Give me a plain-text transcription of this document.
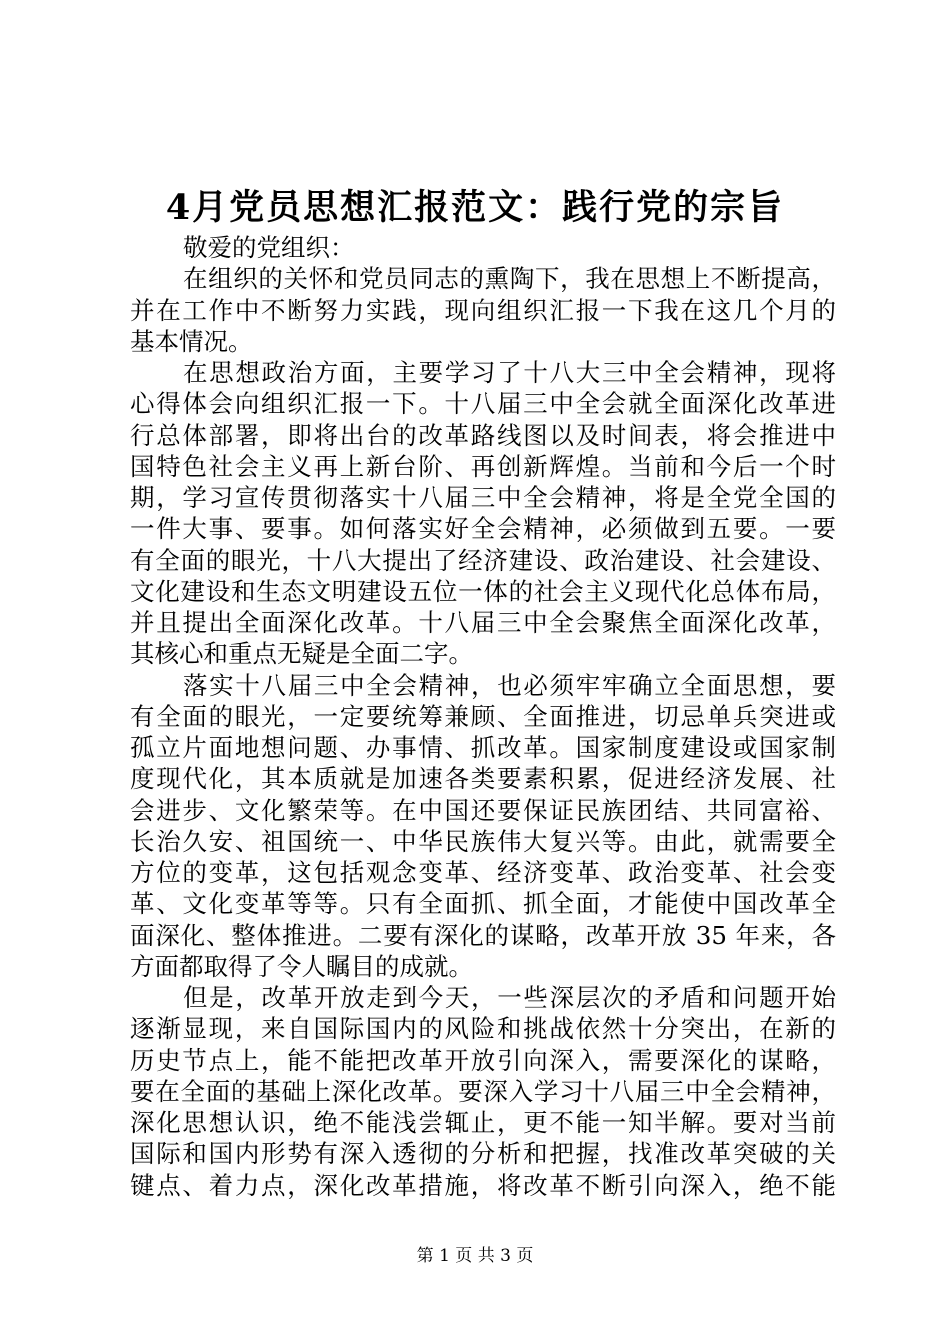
4月党员思想汇报范文：践行党的宗旨
敬爱的党组织：
在组织的关怀和党员同志的熏陶下，我在思想上不断提高，
并在工作中不断努力实践，现向组织汇报一下我在这几个月的
基本情况。
在思想政治方面，主要学习了十八大三中全会精神，现将
心得体会向组织汇报一下。十八届三中全会就全面深化改革进
行总体部署，即将出台的改革路线图以及时间表，将会推进中
国特色社会主义再上新台阶、再创新辉煌。当前和今后一个时
期，学习宣传贯彻落实十八届三中全会精神，将是全党全国的
一件大事、要事。如何落实好全会精神，必须做到五要。一要
有全面的眼光，十八大提出了经济建设、政治建设、社会建设、
文化建设和生态文明建设五位一体的社会主义现代化总体布局，
并且提出全面深化改革。十八届三中全会聚焦全面深化改革，
其核心和重点无疑是全面二字。
落实十八届三中全会精神，也必须牢牢确立全面思想，要
有全面的眼光，一定要统筹兼顾、全面推进，切忌单兵突进或
孤立片面地想问题、办事情、抓改革。国家制度建设或国家制
度现代化，其本质就是加速各类要素积累，促进经济发展、社
会进步、文化繁荣等。在中国还要保证民族团结、共同富裕、
长治久安、祖国统一、中华民族伟大复兴等。由此，就需要全
方位的变革，这包括观念变革、经济变革、政治变革、社会变
革、文化变革等等。只有全面抓、抓全面，才能使中国改革全
面深化、整体推进。二要有深化的谋略，改革开放 35 年来，各
方面都取得了令人瞩目的成就。
但是，改革开放走到今天，一些深层次的矛盾和问题开始
逐渐显现，来自国际国内的风险和挑战依然十分突出，在新的
历史节点上，能不能把改革开放引向深入，需要深化的谋略，
要在全面的基础上深化改革。要深入学习十八届三中全会精神，
深化思想认识，绝不能浅尝辄止，更不能一知半解。要对当前
国际和国内形势有深入透彻的分析和把握，找准改革突破的关
键点、着力点，深化改革措施，将改革不断引向深入，绝不能
第 1 页 共 3 页
